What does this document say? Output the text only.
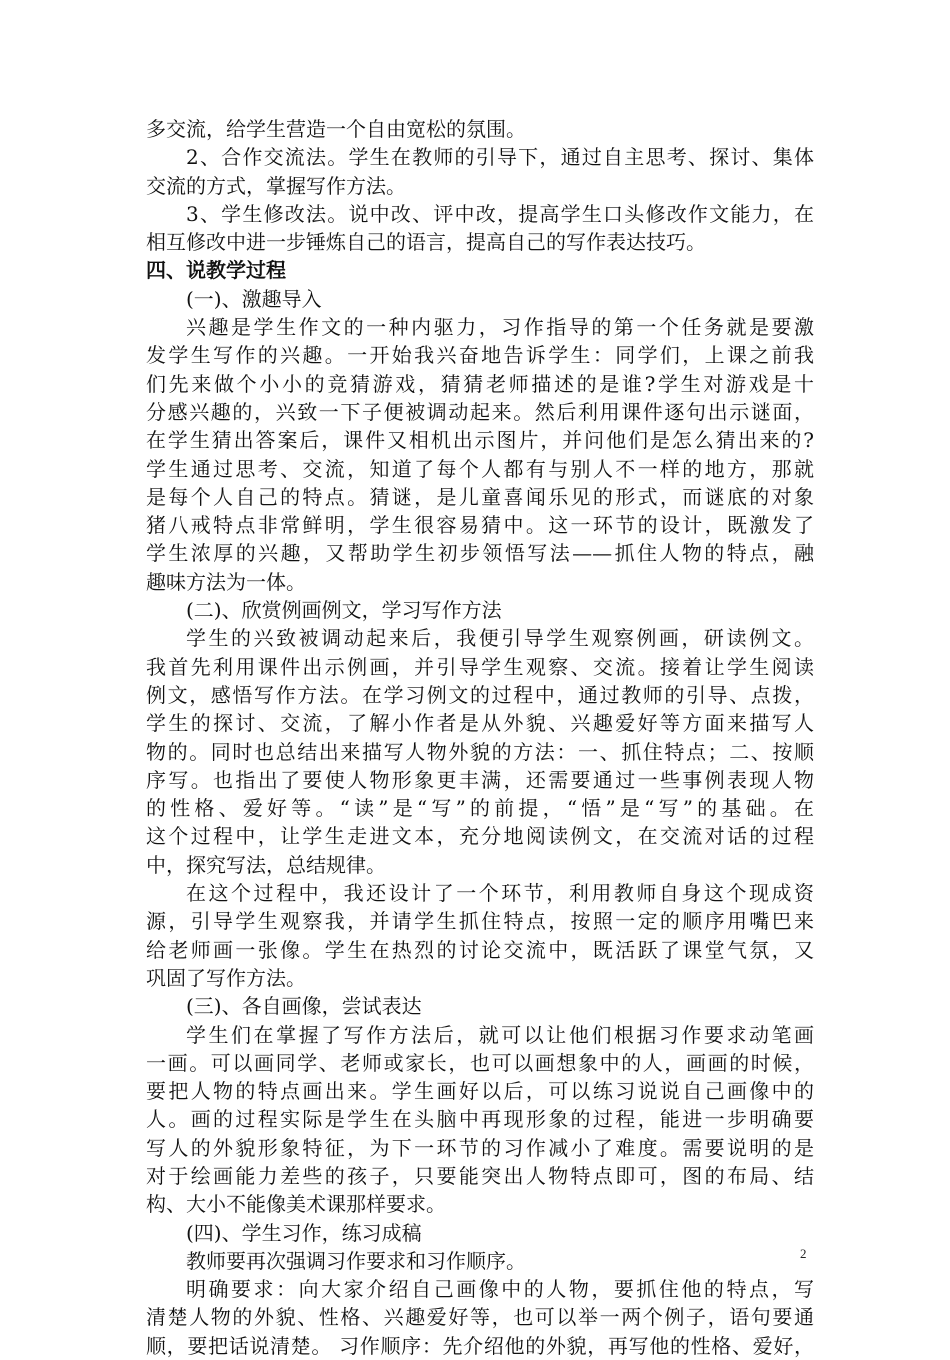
多交流，给学生营造一个自由宽松的氛围。
2、合作交流法。学生在教师的引导下，通过自主思考、探讨、集体
交流的方式，掌握写作方法。
3、学生修改法。说中改、评中改，提高学生口头修改作文能力，在
相互修改中进一步锤炼自己的语言，提高自己的写作表达技巧。
四、说教学过程
(一)、激趣导入
兴趣是学生作文的一种内驱力，习作指导的第一个任务就是要激
发学生写作的兴趣。一开始我兴奋地告诉学生：同学们，上课之前我
们先来做个小小的竞猜游戏，猜猜老师描述的是谁?学生对游戏是十
分感兴趣的，兴致一下子便被调动起来。然后利用课件逐句出示谜面，
在学生猜出答案后，课件又相机出示图片，并问他们是怎么猜出来的?
学生通过思考、交流，知道了每个人都有与别人不一样的地方，那就
是每个人自己的特点。猜谜，是儿童喜闻乐见的形式，而谜底的对象
猪八戒特点非常鲜明，学生很容易猜中。这一环节的设计，既激发了
学生浓厚的兴趣，又帮助学生初步领悟写法——抓住人物的特点，融
趣味方法为一体。
(二)、欣赏例画例文，学习写作方法
学生的兴致被调动起来后，我便引导学生观察例画，研读例文。
我首先利用课件出示例画，并引导学生观察、交流。接着让学生阅读
例文，感悟写作方法。在学习例文的过程中，通过教师的引导、点拨，
学生的探讨、交流，了解小作者是从外貌、兴趣爱好等方面来描写人
物的。同时也总结出来描写人物外貌的方法：一、抓住特点；二、按顺
序写。也指出了要使人物形象更丰满，还需要通过一些事例表现人物
的性格、爱好等。“读”是“写”的前提，“悟”是“写”的基础。在
这个过程中，让学生走进文本，充分地阅读例文，在交流对话的过程
中，探究写法，总结规律。
在这个过程中，我还设计了一个环节，利用教师自身这个现成资
源，引导学生观察我，并请学生抓住特点，按照一定的顺序用嘴巴来
给老师画一张像。学生在热烈的讨论交流中，既活跃了课堂气氛，又
巩固了写作方法。
(三)、各自画像，尝试表达
学生们在掌握了写作方法后，就可以让他们根据习作要求动笔画
一画。可以画同学、老师或家长，也可以画想象中的人，画画的时候，
要把人物的特点画出来。学生画好以后，可以练习说说自己画像中的
人。画的过程实际是学生在头脑中再现形象的过程，能进一步明确要
写人的外貌形象特征，为下一环节的习作减小了难度。需要说明的是
对于绘画能力差些的孩子，只要能突出人物特点即可，图的布局、结
构、大小不能像美术课那样要求。
(四)、学生习作，练习成稿
教师要再次强调习作要求和习作顺序。
明确要求：向大家介绍自己画像中的人物，要抓住他的特点，写
清楚人物的外貌、性格、兴趣爱好等，也可以举一两个例子，语句要通
顺，要把话说清楚。 习作顺序：先介绍他的外貌，再写他的性格、爱好，
2
